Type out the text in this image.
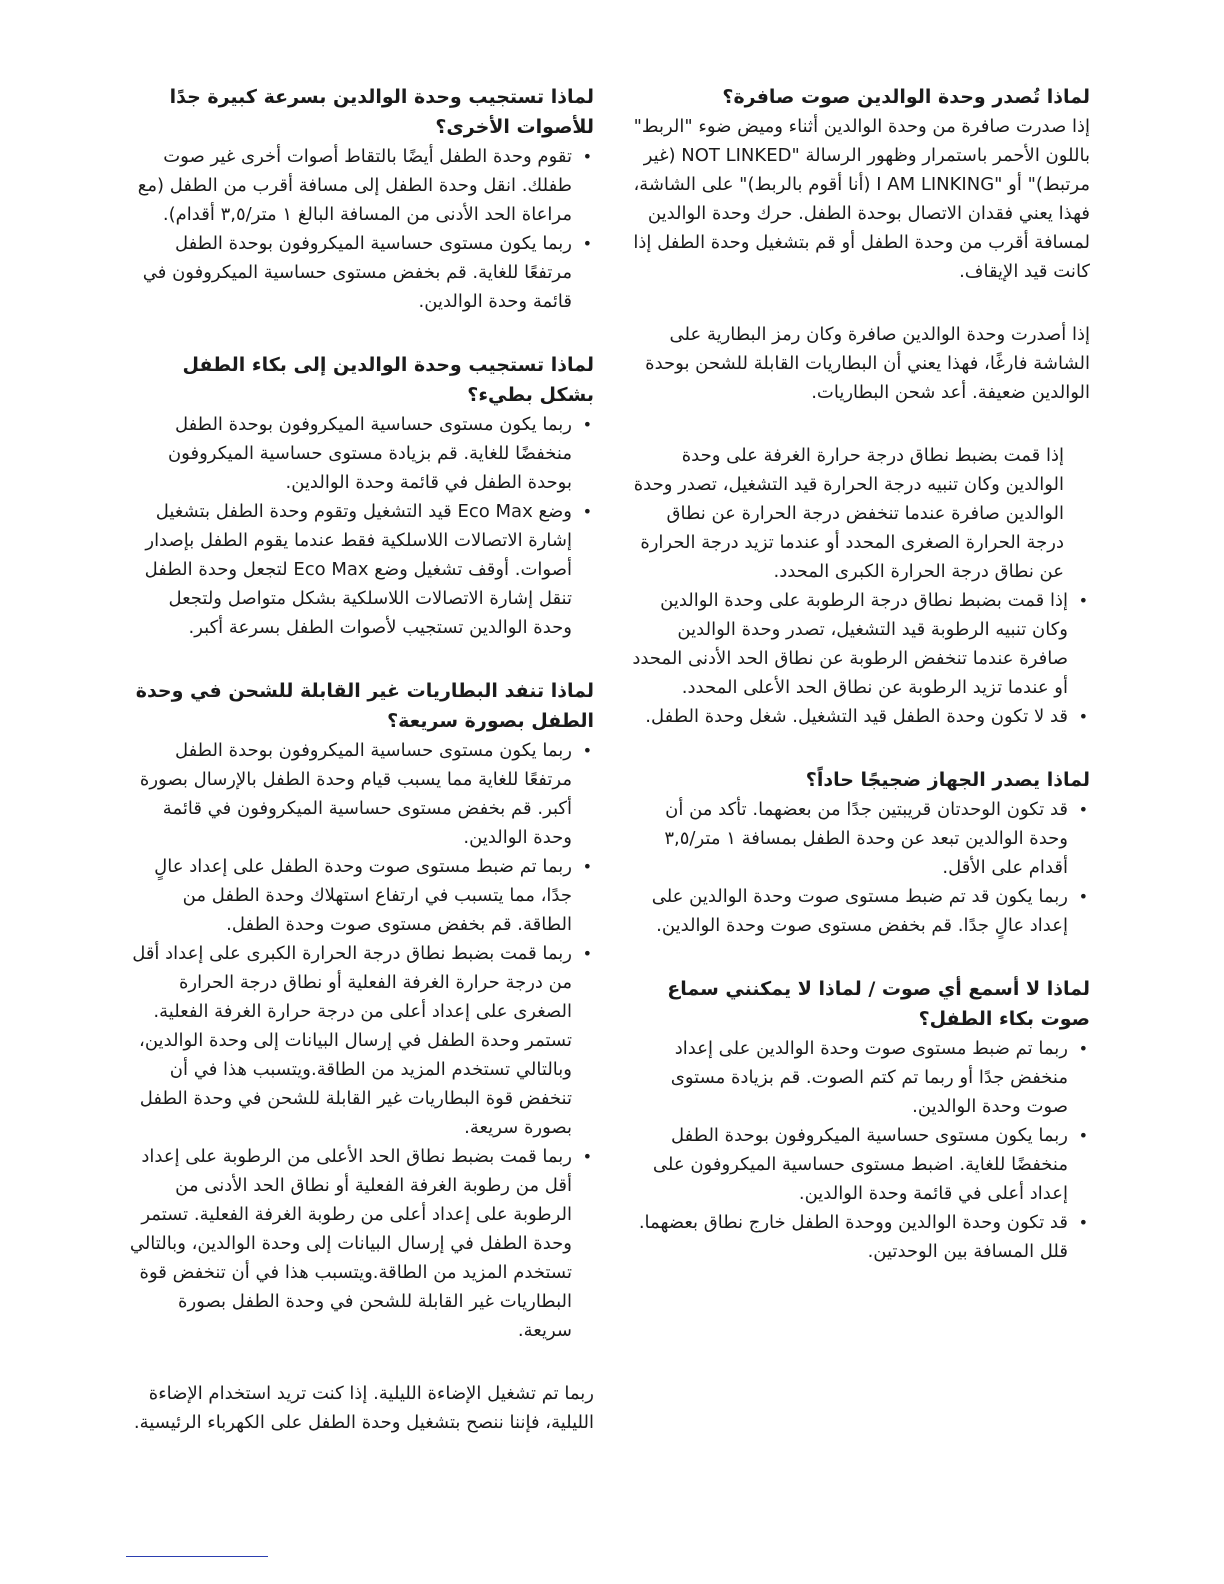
لماذا تُصدر وحدة الوالدين صوت صافرة؟

إذا صدرت صافرة من وحدة الوالدين أثناء وميض ضوء "الربط" باللون الأحمر باستمرار وظهور الرسالة "NOT LINKED (غير مرتبط)" أو "I AM LINKING (أنا أقوم بالربط)" على الشاشة، فهذا يعني فقدان الاتصال بوحدة الطفل. حرك وحدة الوالدين لمسافة أقرب من وحدة الطفل أو قم بتشغيل وحدة الطفل إذا كانت قيد الإيقاف.

إذا أصدرت وحدة الوالدين صافرة وكان رمز البطارية على الشاشة فارغًا، فهذا يعني أن البطاريات القابلة للشحن بوحدة الوالدين ضعيفة. أعد شحن البطاريات.

إذا قمت بضبط نطاق درجة حرارة الغرفة على وحدة الوالدين وكان تنبيه درجة الحرارة قيد التشغيل، تصدر وحدة الوالدين صافرة عندما تنخفض درجة الحرارة عن نطاق درجة الحرارة الصغرى المحدد أو عندما تزيد درجة الحرارة عن نطاق درجة الحرارة الكبرى المحدد.

• إذا قمت بضبط نطاق درجة الرطوبة على وحدة الوالدين وكان تنبيه الرطوبة قيد التشغيل، تصدر وحدة الوالدين صافرة عندما تنخفض الرطوبة عن نطاق الحد الأدنى المحدد أو عندما تزيد الرطوبة عن نطاق الحد الأعلى المحدد.
• قد لا تكون وحدة الطفل قيد التشغيل. شغل وحدة الطفل.
لماذا يصدر الجهاز ضجيجًا حاداً؟
• قد تكون الوحدتان قريبتين جدًا من بعضهما. تأكد من أن وحدة الوالدين تبعد عن وحدة الطفل بمسافة ١ متر/٣,٥ أقدام على الأقل.
• ربما يكون قد تم ضبط مستوى صوت وحدة الوالدين على إعداد عالٍ جدًا. قم بخفض مستوى صوت وحدة الوالدين.
لماذا لا أسمع أي صوت / لماذا لا يمكنني سماع صوت بكاء الطفل؟
• ربما تم ضبط مستوى صوت وحدة الوالدين على إعداد منخفض جدًا أو ربما تم كتم الصوت. قم بزيادة مستوى صوت وحدة الوالدين.
• ربما يكون مستوى حساسية الميكروفون بوحدة الطفل منخفضًا للغاية. اضبط مستوى حساسية الميكروفون على إعداد أعلى في قائمة وحدة الوالدين.
• قد تكون وحدة الوالدين ووحدة الطفل خارج نطاق بعضهما. قلل المسافة بين الوحدتين.
لماذا تستجيب وحدة الوالدين بسرعة كبيرة جدًا للأصوات الأخرى؟
• تقوم وحدة الطفل أيضًا بالتقاط أصوات أخرى غير صوت طفلك. انقل وحدة الطفل إلى مسافة أقرب من الطفل (مع مراعاة الحد الأدنى من المسافة البالغ ١ متر/٣,٥ أقدام).
• ربما يكون مستوى حساسية الميكروفون بوحدة الطفل مرتفعًا للغاية. قم بخفض مستوى حساسية الميكروفون في قائمة وحدة الوالدين.
لماذا تستجيب وحدة الوالدين إلى بكاء الطفل بشكل بطيء؟
• ربما يكون مستوى حساسية الميكروفون بوحدة الطفل منخفضًا للغاية. قم بزيادة مستوى حساسية الميكروفون بوحدة الطفل في قائمة وحدة الوالدين.
• وضع Eco Max قيد التشغيل وتقوم وحدة الطفل بتشغيل إشارة الاتصالات اللاسلكية فقط عندما يقوم الطفل بإصدار أصوات. أوقف تشغيل وضع Eco Max لتجعل وحدة الطفل تنقل إشارة الاتصالات اللاسلكية بشكل متواصل ولتجعل وحدة الوالدين تستجيب لأصوات الطفل بسرعة أكبر.
لماذا تنفد البطاريات غير القابلة للشحن في وحدة الطفل بصورة سريعة؟
• ربما يكون مستوى حساسية الميكروفون بوحدة الطفل مرتفعًا للغاية مما يسبب قيام وحدة الطفل بالإرسال بصورة أكبر. قم بخفض مستوى حساسية الميكروفون في قائمة وحدة الوالدين.
• ربما تم ضبط مستوى صوت وحدة الطفل على إعداد عالٍ جدًا، مما يتسبب في ارتفاع استهلاك وحدة الطفل من الطاقة. قم بخفض مستوى صوت وحدة الطفل.
• ربما قمت بضبط نطاق درجة الحرارة الكبرى على إعداد أقل من درجة حرارة الغرفة الفعلية أو نطاق درجة الحرارة الصغرى على إعداد أعلى من درجة حرارة الغرفة الفعلية. تستمر وحدة الطفل في إرسال البيانات إلى وحدة الوالدين، وبالتالي تستخدم المزيد من الطاقة.ويتسبب هذا في أن تنخفض قوة البطاريات غير القابلة للشحن في وحدة الطفل بصورة سريعة.
• ربما قمت بضبط نطاق الحد الأعلى من الرطوبة على إعداد أقل من رطوبة الغرفة الفعلية أو نطاق الحد الأدنى من الرطوبة على إعداد أعلى من رطوبة الغرفة الفعلية. تستمر وحدة الطفل في إرسال البيانات إلى وحدة الوالدين، وبالتالي تستخدم المزيد من الطاقة.ويتسبب هذا في أن تنخفض قوة البطاريات غير القابلة للشحن في وحدة الطفل بصورة سريعة.

ربما تم تشغيل الإضاءة الليلية. إذا كنت تريد استخدام الإضاءة الليلية، فإننا ننصح بتشغيل وحدة الطفل على الكهرباء الرئيسية.
